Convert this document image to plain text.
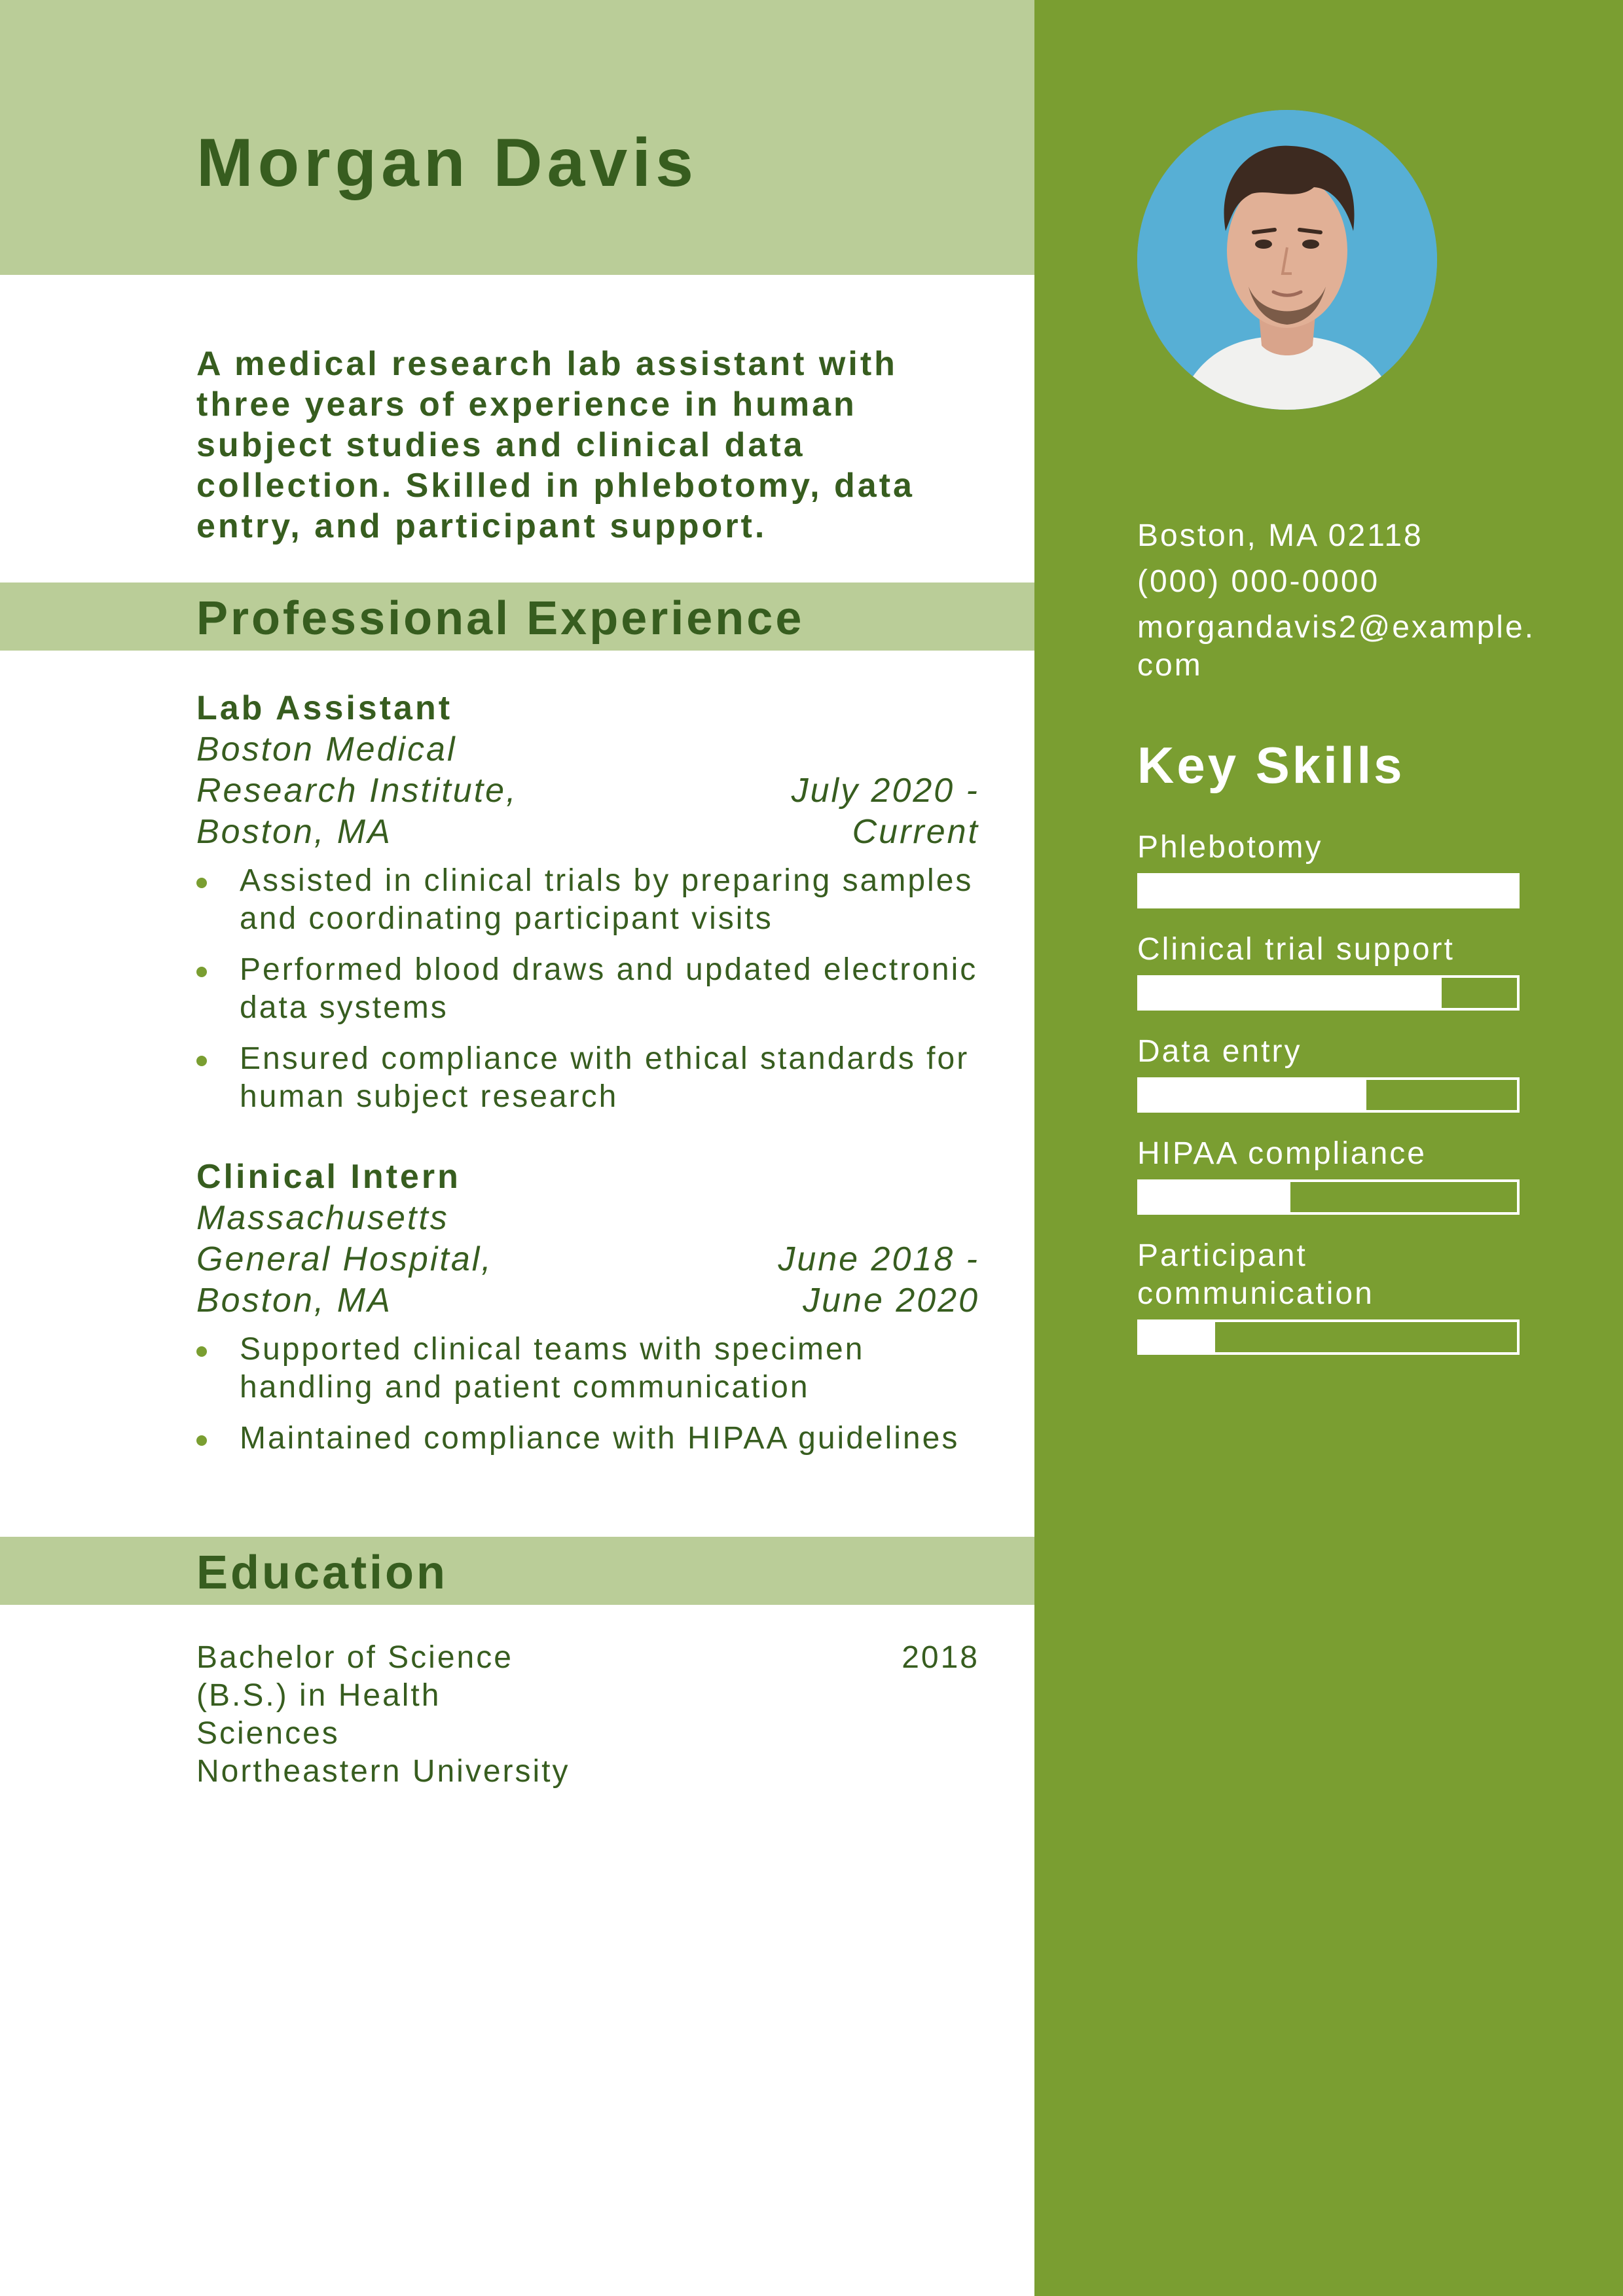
Morgan Davis

A medical research lab assistant with three years of experience in human subject studies and clinical data collection. Skilled in phlebotomy, data entry, and participant support.

Professional Experience
Lab Assistant
Boston Medical Research Institute, Boston, MA
July 2020 - Current
Assisted in clinical trials by preparing samples and coordinating participant visits
Performed blood draws and updated electronic data systems
Ensured compliance with ethical standards for human subject research
Clinical Intern
Massachusetts General Hospital, Boston, MA
June 2018 - June 2020
Supported clinical teams with specimen handling and patient communication
Maintained compliance with HIPAA guidelines
Education
Bachelor of Science (B.S.) in Health Sciences
2018
Northeastern University
Boston, MA 02118
(000) 000-0000
morgandavis2@example.com
Key Skills
Phlebotomy
Clinical trial support
Data entry
HIPAA compliance
Participant communication
